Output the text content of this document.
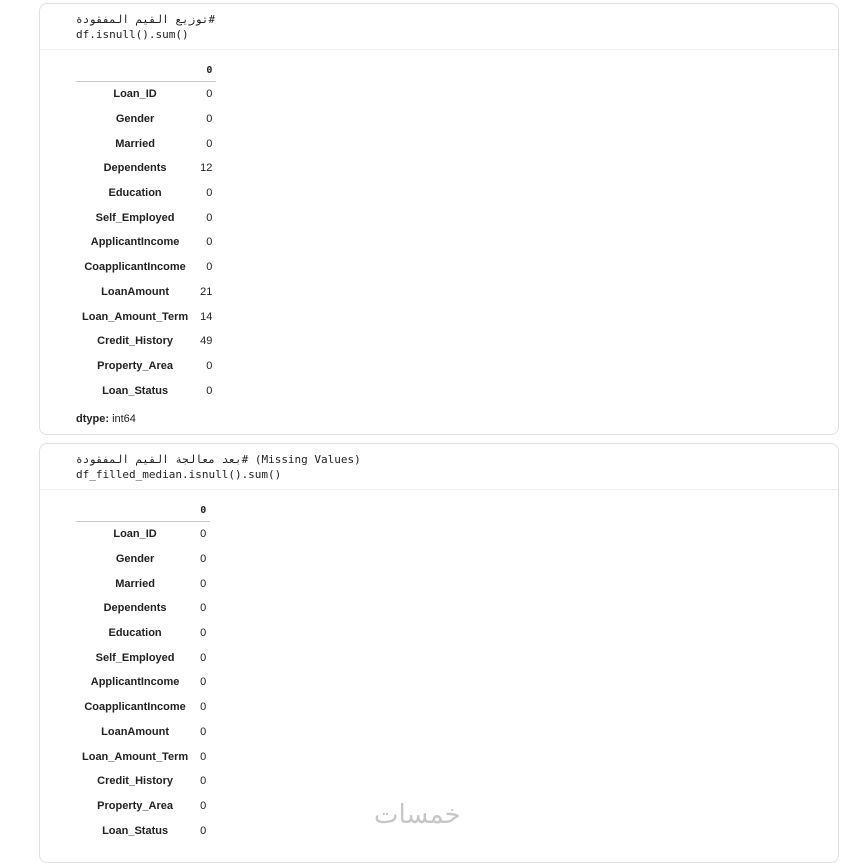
توزيع القيم المفقودة#
df.isnull().sum()
	0
Loan_ID	0
Gender	0
Married	0
Dependents	12
Education	0
Self_Employed	0
ApplicantIncome	0
CoapplicantIncome	0
LoanAmount	21
Loan_Amount_Term	14
Credit_History	49
Property_Area	0
Loan_Status	0
dtype: int64
بعد معالجة القيم المفقودة# (Missing Values)
df_filled_median.isnull().sum()
	0
Loan_ID	0
Gender	0
Married	0
Dependents	0
Education	0
Self_Employed	0
ApplicantIncome	0
CoapplicantIncome	0
LoanAmount	0
Loan_Amount_Term	0
Credit_History	0
Property_Area	0
Loan_Status	0
خمسات
